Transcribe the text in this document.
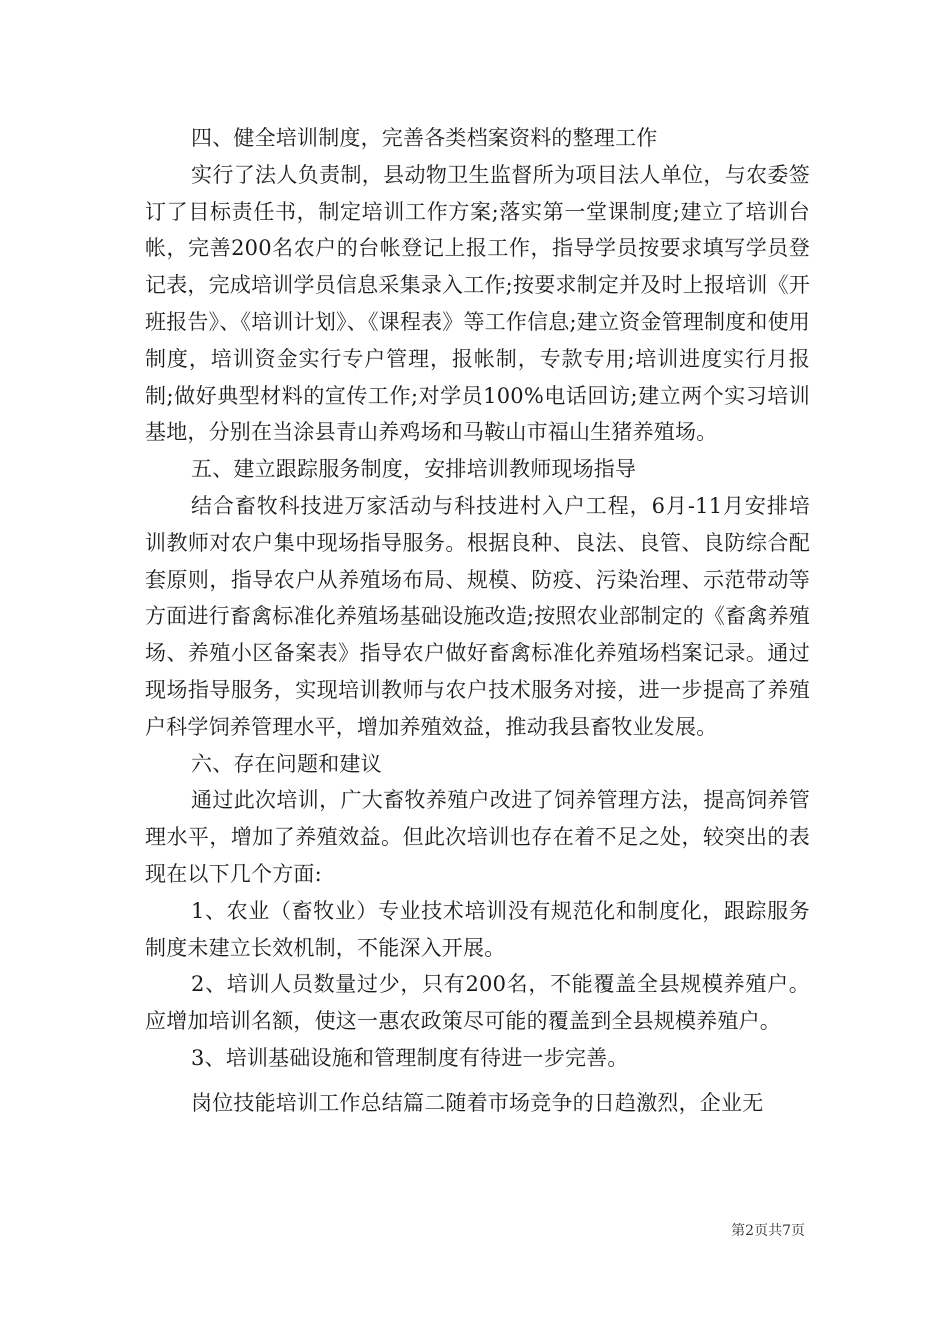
四、健全培训制度，完善各类档案资料的整理工作

实行了法人负责制，县动物卫生监督所为项目法人单位，与农委签订了目标责任书，制定培训工作方案;落实第一堂课制度;建立了培训台帐，完善200名农户的台帐登记上报工作，指导学员按要求填写学员登记表，完成培训学员信息采集录入工作;按要求制定并及时上报培训《开班报告》、《培训计划》、《课程表》等工作信息;建立资金管理制度和使用制度，培训资金实行专户管理，报帐制，专款专用;培训进度实行月报制;做好典型材料的宣传工作;对学员100%电话回访;建立两个实习培训基地，分别在当涂县青山养鸡场和马鞍山市福山生猪养殖场。

五、建立跟踪服务制度，安排培训教师现场指导

结合畜牧科技进万家活动与科技进村入户工程，6月-11月安排培训教师对农户集中现场指导服务。根据良种、良法、良管、良防综合配套原则，指导农户从养殖场布局、规模、防疫、污染治理、示范带动等方面进行畜禽标准化养殖场基础设施改造;按照农业部制定的《畜禽养殖场、养殖小区备案表》指导农户做好畜禽标准化养殖场档案记录。通过现场指导服务，实现培训教师与农户技术服务对接，进一步提高了养殖户科学饲养管理水平，增加养殖效益，推动我县畜牧业发展。

六、存在问题和建议

通过此次培训，广大畜牧养殖户改进了饲养管理方法，提高饲养管理水平，增加了养殖效益。但此次培训也存在着不足之处，较突出的表现在以下几个方面:

1、农业（畜牧业）专业技术培训没有规范化和制度化，跟踪服务制度未建立长效机制，不能深入开展。

2、培训人员数量过少，只有200名，不能覆盖全县规模养殖户。应增加培训名额，使这一惠农政策尽可能的覆盖到全县规模养殖户。

3、培训基础设施和管理制度有待进一步完善。

岗位技能培训工作总结篇二随着市场竞争的日趋激烈，企业无

第2页共7页
